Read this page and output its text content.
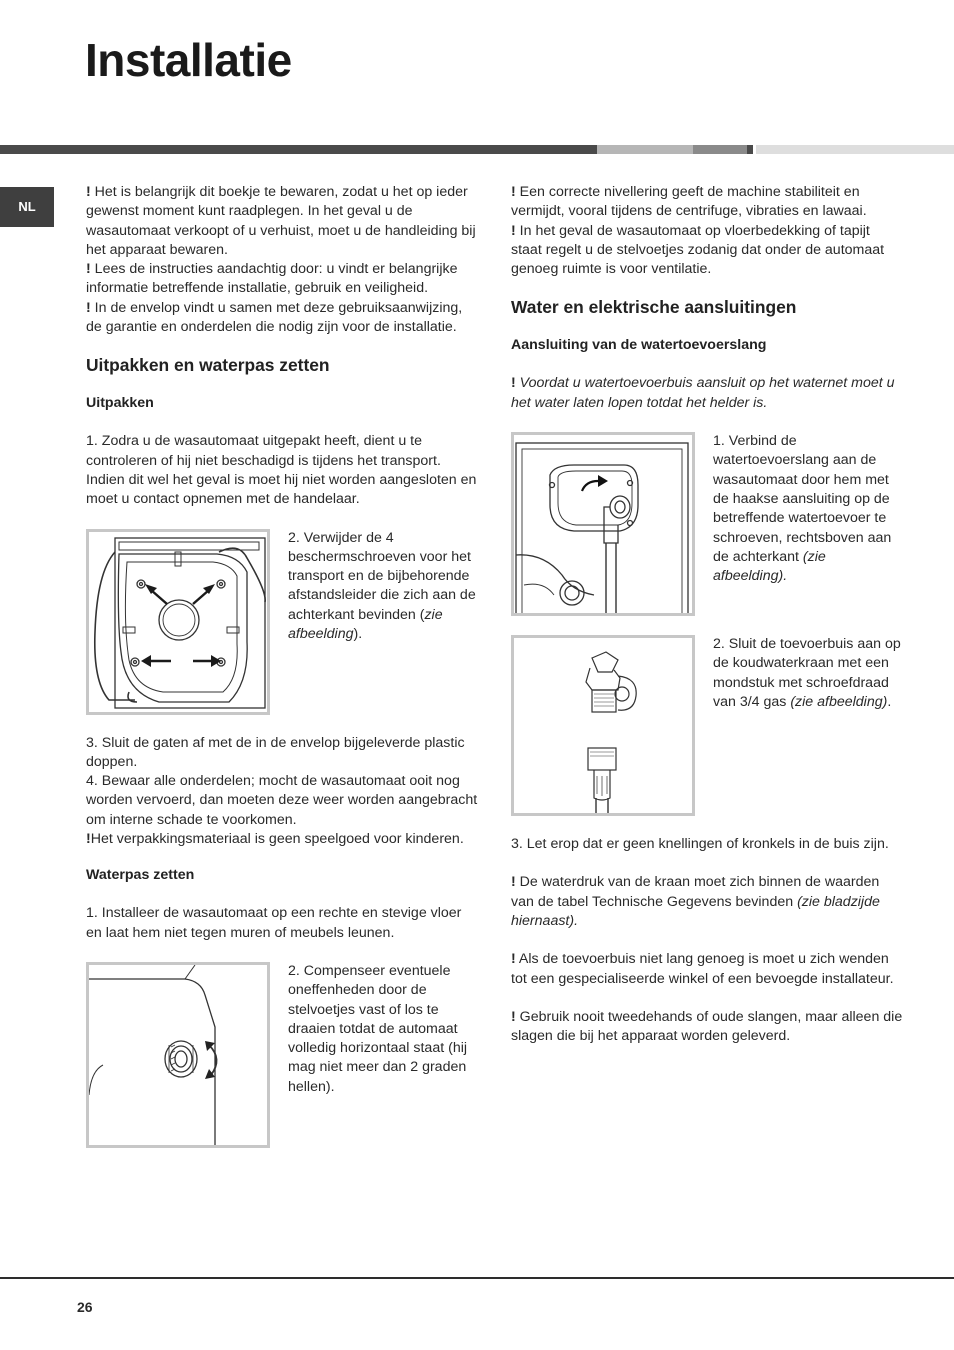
Installatie
NL

! Het is belangrijk dit boekje te bewaren, zodat u het op ieder gewenst moment kunt raadplegen. In het geval u de wasautomaat verkoopt of u verhuist, moet u de handleiding bij het apparaat bewaren.

! Lees de instructies aandachtig door: u vindt er belangrijke informatie betreffende installatie, gebruik en veiligheid.

! In de envelop vindt u samen met deze gebruiksaanwijzing, de garantie en onderdelen die nodig zijn voor de installatie.

Uitpakken en waterpas zetten
Uitpakken

1. Zodra u de wasautomaat uitgepakt heeft, dient u te controleren of hij niet beschadigd is tijdens het transport. Indien dit wel het geval is moet hij niet worden aangesloten en moet u contact opnemen met de handelaar.

2. Verwijder de 4 beschermschroeven voor het transport en de bijbehorende afstandsleider die zich aan de achterkant bevinden (zie afbeelding).

3. Sluit de gaten af met de in de envelop bijgeleverde plastic doppen.

4. Bewaar alle onderdelen; mocht de wasautomaat ooit nog worden vervoerd, dan moeten deze weer worden aangebracht om interne schade te voorkomen.

!Het verpakkingsmateriaal is geen speelgoed voor kinderen.

Waterpas zetten

1. Installeer de wasautomaat op een rechte en stevige vloer en laat hem niet tegen muren of meubels leunen.

2. Compenseer eventuele oneffenheden door de stelvoetjes vast of los te draaien totdat de automaat volledig horizontaal staat (hij mag niet meer dan 2 graden hellen).

! Een correcte nivellering geeft de machine stabiliteit en vermijdt, vooral tijdens de centrifuge, vibraties en lawaai.

! In het geval de wasautomaat op vloerbedekking of tapijt staat regelt u de stelvoetjes zodanig dat onder de automaat genoeg ruimte is voor ventilatie.

Water en elektrische aansluitingen
Aansluiting van de watertoevoerslang

! Voordat u watertoevoerbuis aansluit op het waternet moet u het water laten lopen totdat het helder is.

1. Verbind de watertoevoerslang aan de wasautomaat door hem met de haakse aansluiting op de betreffende watertoevoer te schroeven, rechtsboven aan de achterkant (zie afbeelding).
2. Sluit de toevoerbuis aan op de koudwaterkraan met een mondstuk met schroefdraad van 3/4 gas (zie afbeelding).

3. Let erop dat er geen knellingen of kronkels in de buis zijn.

! De waterdruk van de kraan moet zich binnen de waarden van de tabel Technische Gegevens bevinden (zie bladzijde hiernaast).

! Als de toevoerbuis niet lang genoeg is moet u zich wenden tot een gespecialiseerde winkel of een bevoegde installateur.

! Gebruik nooit tweedehands of oude slangen, maar alleen die slagen die bij het apparaat worden geleverd.

26
